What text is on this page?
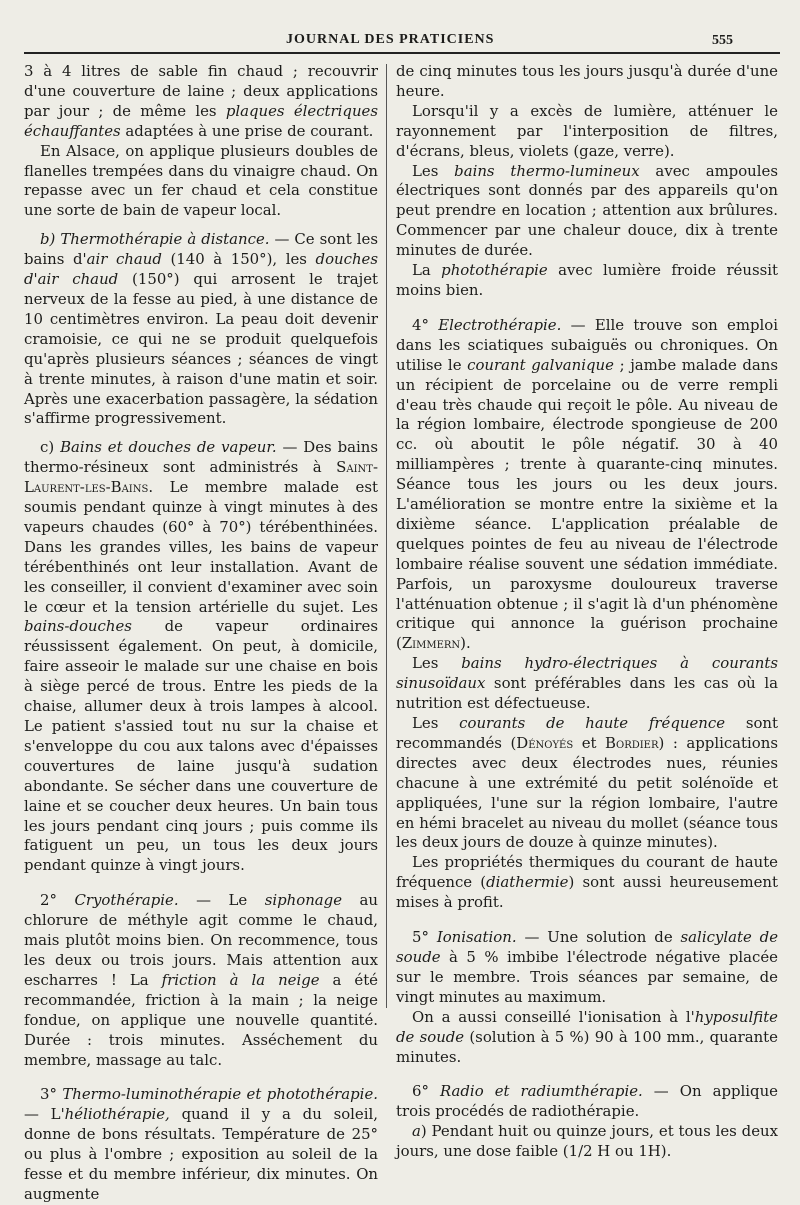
JOURNAL DES PRATICIENS	555

3 à 4 litres de sable fin chaud ; recouvrir d'une couverture de laine ; deux applications par jour ; de même les plaques électriques échauffantes adaptées à une prise de courant.

En Alsace, on applique plusieurs doubles de flanelles trempées dans du vinaigre chaud. On repasse avec un fer chaud et cela constitue une sorte de bain de vapeur local.

b) Thermothérapie à distance. — Ce sont les bains d'air chaud (140 à 150°), les douches d'air chaud (150°) qui arrosent le trajet nerveux de la fesse au pied, à une distance de 10 centimètres environ. La peau doit devenir cramoisie, ce qui ne se produit quelquefois qu'après plusieurs séances ; séances de vingt à trente minutes, à raison d'une matin et soir. Après une exacerbation passagère, la sédation s'affirme progressivement.

c) Bains et douches de vapeur. — Des bains thermo-résineux sont administrés à Saint-Laurent-les-Bains. Le membre malade est soumis pendant quinze à vingt minutes à des vapeurs chaudes (60° à 70°) térébenthinées. Dans les grandes villes, les bains de vapeur térébenthinés ont leur installation. Avant de les conseiller, il convient d'examiner avec soin le cœur et la tension artérielle du sujet. Les bains-douches de vapeur ordinaires réussissent également. On peut, à domicile, faire asseoir le malade sur une chaise en bois à siège percé de trous. Entre les pieds de la chaise, allumer deux à trois lampes à alcool. Le patient s'assied tout nu sur la chaise et s'enveloppe du cou aux talons avec d'épaisses couvertures de laine jusqu'à sudation abondante. Se sécher dans une couverture de laine et se coucher deux heures. Un bain tous les jours pendant cinq jours ; puis comme ils fatiguent un peu, un tous les deux jours pendant quinze à vingt jours.

2° Cryothérapie. — Le siphonage au chlorure de méthyle agit comme le chaud, mais plutôt moins bien. On recommence, tous les deux ou trois jours. Mais attention aux escharres ! La friction à la neige a été recommandée, friction à la main ; la neige fondue, on applique une nouvelle quantité. Durée : trois minutes. Asséchement du membre, massage au talc.

3° Thermo-luminothérapie et photothérapie. — L'héliothérapie, quand il y a du soleil, donne de bons résultats. Température de 25° ou plus à l'ombre ; exposition au soleil de la fesse et du membre inférieur, dix minutes. On augmente

de cinq minutes tous les jours jusqu'à durée d'une heure.

Lorsqu'il y a excès de lumière, atténuer le rayonnement par l'interposition de filtres, d'écrans, bleus, violets (gaze, verre).

Les bains thermo-lumineux avec ampoules électriques sont donnés par des appareils qu'on peut prendre en location ; attention aux brûlures. Commencer par une chaleur douce, dix à trente minutes de durée.

La photothérapie avec lumière froide réussit moins bien.

4° Electrothérapie. — Elle trouve son emploi dans les sciatiques subaiguës ou chroniques. On utilise le courant galvanique ; jambe malade dans un récipient de porcelaine ou de verre rempli d'eau très chaude qui reçoit le pôle. Au niveau de la région lombaire, électrode spongieuse de 200 cc. où aboutit le pôle négatif. 30 à 40 milliampères ; trente à quarante-cinq minutes. Séance tous les jours ou les deux jours. L'amélioration se montre entre la sixième et la dixième séance. L'application préalable de quelques pointes de feu au niveau de l'électrode lombaire réalise souvent une sédation immédiate. Parfois, un paroxysme douloureux traverse l'atténuation obtenue ; il s'agit là d'un phénomène critique qui annonce la guérison prochaine (Zimmern).

Les bains hydro-électriques à courants sinusoïdaux sont préférables dans les cas où la nutrition est défectueuse.

Les courants de haute fréquence sont recommandés (Dénoyés et Bordier) : applications directes avec deux électrodes nues, réunies chacune à une extrémité du petit solénoïde et appliquées, l'une sur la région lombaire, l'autre en hémi bracelet au niveau du mollet (séance tous les deux jours de douze à quinze minutes).

Les propriétés thermiques du courant de haute fréquence (diathermie) sont aussi heureusement mises à profit.

5° Ionisation. — Une solution de salicylate de soude à 5 % imbibe l'électrode négative placée sur le membre. Trois séances par semaine, de vingt minutes au maximum.

On a aussi conseillé l'ionisation à l'hyposulfite de soude (solution à 5 %) 90 à 100 mm., quarante minutes.

6° Radio et radiumthérapie. — On applique trois procédés de radiothérapie.

a) Pendant huit ou quinze jours, et tous les deux jours, une dose faible (1/2 H ou 1H).
